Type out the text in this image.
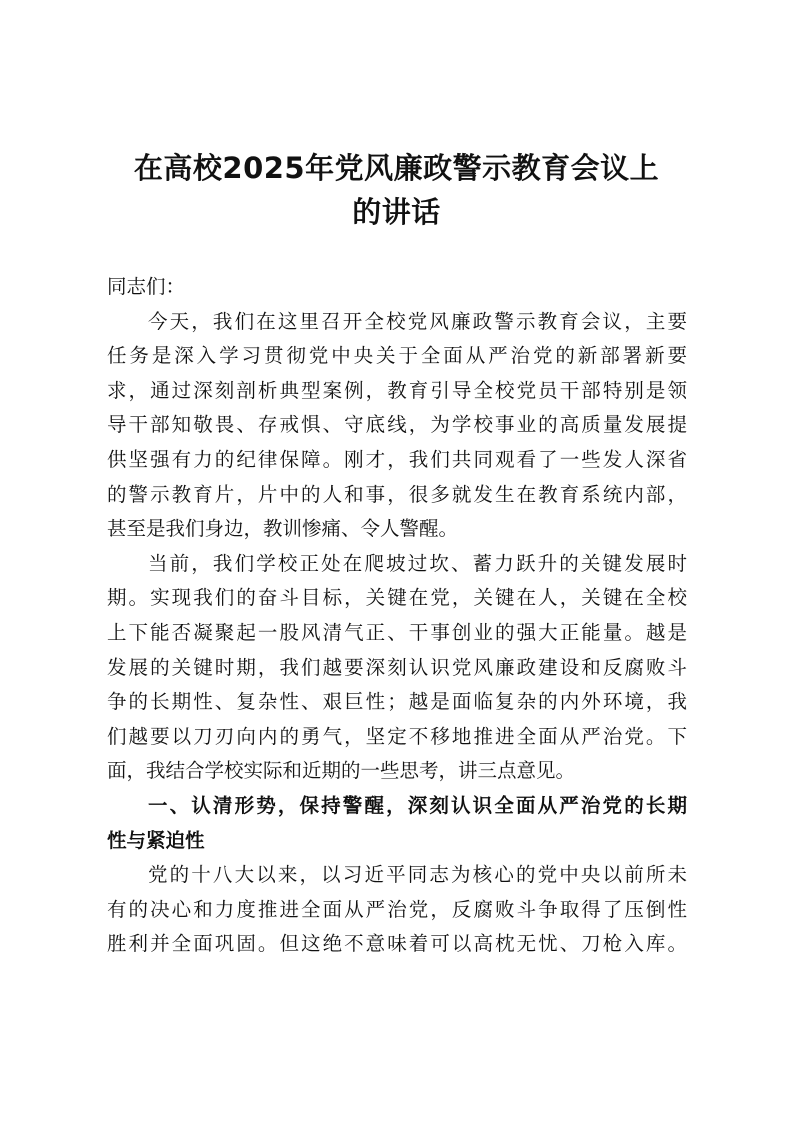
在高校2025年党风廉政警示教育会议上
的讲话
同志们：
今天，我们在这里召开全校党风廉政警示教育会议，主要
任务是深入学习贯彻党中央关于全面从严治党的新部署新要
求，通过深刻剖析典型案例，教育引导全校党员干部特别是领
导干部知敬畏、存戒惧、守底线，为学校事业的高质量发展提
供坚强有力的纪律保障。刚才，我们共同观看了一些发人深省
的警示教育片，片中的人和事，很多就发生在教育系统内部，
甚至是我们身边，教训惨痛、令人警醒。
当前，我们学校正处在爬坡过坎、蓄力跃升的关键发展时
期。实现我们的奋斗目标，关键在党，关键在人，关键在全校
上下能否凝聚起一股风清气正、干事创业的强大正能量。越是
发展的关键时期，我们越要深刻认识党风廉政建设和反腐败斗
争的长期性、复杂性、艰巨性；越是面临复杂的内外环境，我
们越要以刀刃向内的勇气，坚定不移地推进全面从严治党。下
面，我结合学校实际和近期的一些思考，讲三点意见。
一、认清形势，保持警醒，深刻认识全面从严治党的长期
性与紧迫性
党的十八大以来，以习近平同志为核心的党中央以前所未
有的决心和力度推进全面从严治党，反腐败斗争取得了压倒性
胜利并全面巩固。但这绝不意味着可以高枕无忧、刀枪入库。
